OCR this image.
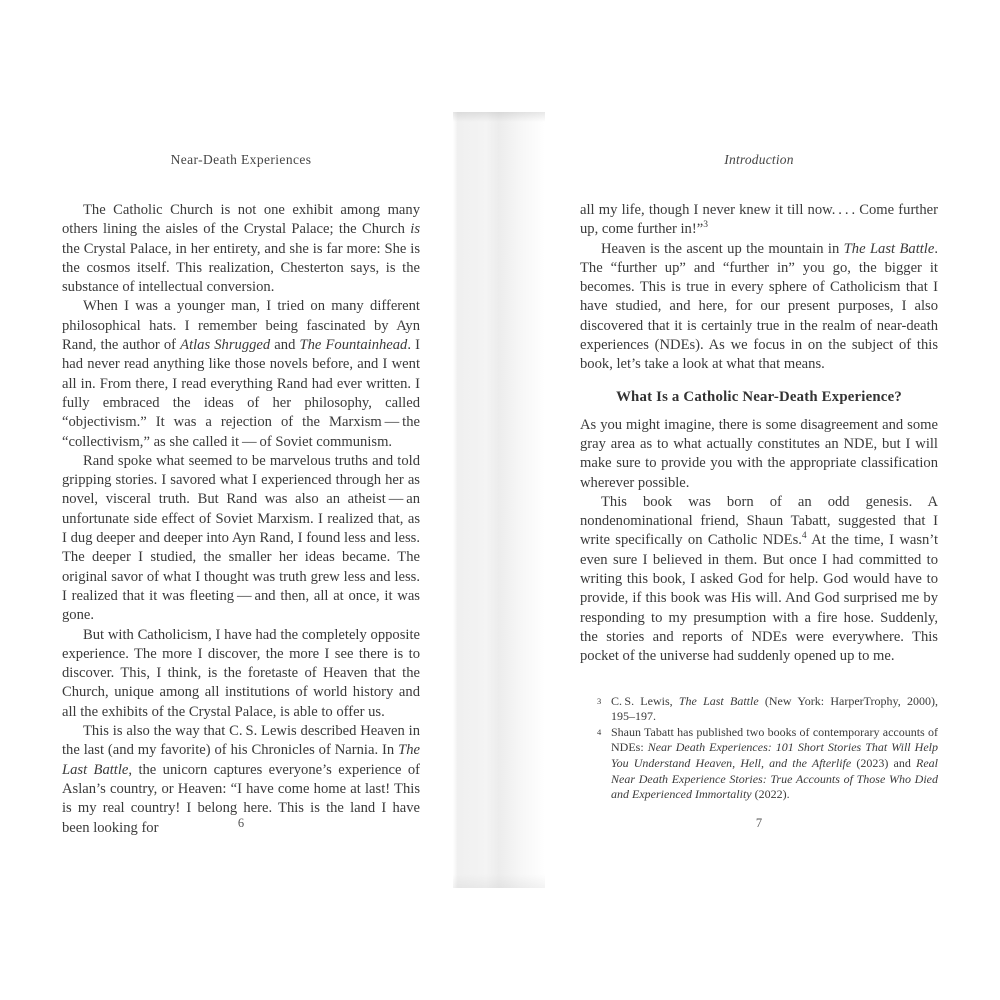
Near-Death Experiences

The Catholic Church is not one exhibit among many others lining the aisles of the Crystal Palace; the Church is the Crystal Palace, in her entirety, and she is far more: She is the cosmos itself. This realization, Chesterton says, is the substance of intellectual conversion.

When I was a younger man, I tried on many different philosophical hats. I remember being fascinated by Ayn Rand, the author of Atlas Shrugged and The Fountainhead. I had never read anything like those novels before, and I went all in. From there, I read everything Rand had ever written. I fully embraced the ideas of her philosophy, called “objectivism.” It was a rejection of the Marxism — the “collectivism,” as she called it — of Soviet communism.

Rand spoke what seemed to be marvelous truths and told gripping stories. I savored what I experienced through her as novel, visceral truth. But Rand was also an atheist — an unfortunate side effect of Soviet Marxism. I realized that, as I dug deeper and deeper into Ayn Rand, I found less and less. The deeper I studied, the smaller her ideas became. The original savor of what I thought was truth grew less and less. I realized that it was fleeting — and then, all at once, it was gone.

But with Catholicism, I have had the completely opposite experience. The more I discover, the more I see there is to discover. This, I think, is the foretaste of Heaven that the Church, unique among all institutions of world history and all the exhibits of the Crystal Palace, is able to offer us.

This is also the way that C. S. Lewis described Heaven in the last (and my favorite) of his Chronicles of Narnia. In The Last Battle, the unicorn captures everyone’s experience of Aslan’s country, or Heaven: “I have come home at last! This is my real country! I belong here. This is the land I have been looking for	6
Introduction

all my life, though I never knew it till now. . . . Come further up, come further in!”$^3$

Heaven is the ascent up the mountain in The Last Battle. The “further up” and “further in” you go, the bigger it becomes. This is true in every sphere of Catholicism that I have studied, and here, for our present purposes, I also discovered that it is certainly true in the realm of near-death experiences (NDEs). As we focus in on the subject of this book, let’s take a look at what that means.

What Is a Catholic Near-Death Experience?

As you might imagine, there is some disagreement and some gray area as to what actually constitutes an NDE, but I will make sure to provide you with the appropriate classification wherever possible.

This book was born of an odd genesis. A nondenominational friend, Shaun Tabatt, suggested that I write specifically on Catholic NDEs.$^4$ At the time, I wasn’t even sure I believed in them. But once I had committed to writing this book, I asked God for help. God would have to provide, if this book was His will. And God surprised me by responding to my presumption with a fire hose. Suddenly, the stories and reports of NDEs were everywhere. This pocket of the universe had suddenly opened up to me.

3 C. S. Lewis, The Last Battle (New York: HarperTrophy, 2000), 195–197.
4 Shaun Tabatt has published two books of contemporary accounts of NDEs: Near Death Experiences: 101 Short Stories That Will Help You Understand Heaven, Hell, and the Afterlife (2023) and Real Near Death Experience Stories: True Accounts of Those Who Died and Experienced Immortality (2022).
7
